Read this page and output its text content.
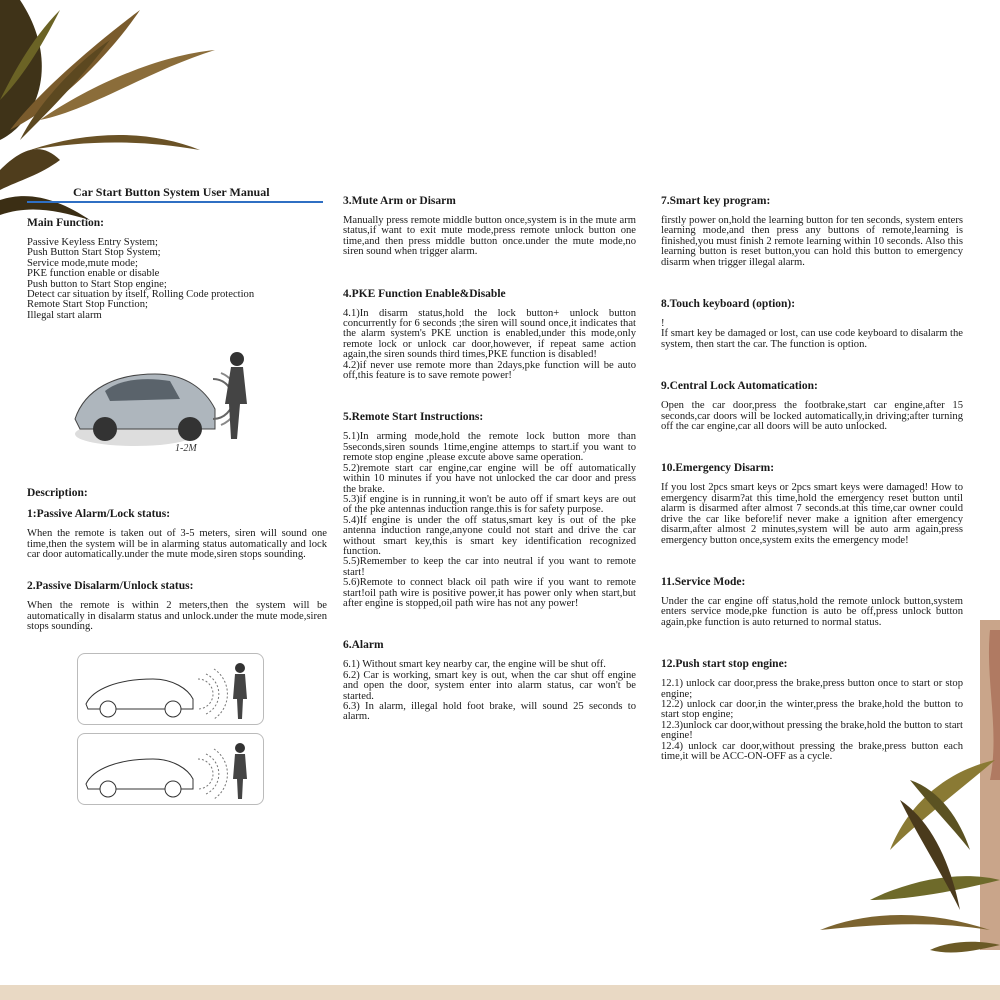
Car Start Button System User Manual
Main Function:
Passive Keyless Entry System;
Push Button Start Stop System;
Service mode,mute mode;
PKE function enable or disable
Push button to Start Stop engine;
Detect car situation by itself, Rolling Code protection
Remote Start Stop Function;
Illegal start alarm
1-2M
Description:
1:Passive Alarm/Lock status:

When the remote is taken out of 3-5 meters, siren will sound one time,then the system will be in alarming status automatically and lock car door automatically.under the mute mode,siren stops sounding.

2.Passive Disalarm/Unlock status:

When the remote is within 2 meters,then the system will be automatically in disalarm status and unlock.under the mute mode,siren stops sounding.

3.Mute Arm or Disarm

Manually press remote middle button once,system is in the mute arm status,if want to exit mute mode,press remote unlock button one time,and then press middle button once.under the mute mode,no siren sound when trigger alarm.

4.PKE Function Enable&Disable

4.1)In disarm status,hold the lock button+ unlock button concurrently for 6 seconds ;the siren will sound once,it indicates that the alarm system's PKE unction is enabled,under this mode,only remote lock or unlock car door,however, if repeat same action again,the siren sounds third times,PKE function is disabled!
4.2)if never use remote more than 2days,pke function will be auto off,this feature is to save remote power!

5.Remote Start Instructions:

5.1)In arming mode,hold the remote lock button more than 5seconds,siren sounds 1time,engine attemps to start.if you want to remote stop engine ,please excute above same operation.
5.2)remote start car engine,car engine will be off automatically within 10 minutes if you have not unlocked the car door and press the brake.
5.3)if engine is in running,it won't be auto off if smart keys are out of the pke antennas induction range.this is for safety purpose.
5.4)If engine is under the off status,smart key is out of the pke antenna induction range,anyone could not start and drive the car without smart key,this is smart key identification recognized function.
5.5)Remember to keep the car into neutral if you want to remote start!
5.6)Remote to connect black oil path wire if you want to remote start!oil path wire is positive power,it has power only when start,but after engine is stopped,oil path wire has not any power!

6.Alarm

6.1) Without smart key nearby car, the engine will be shut off.
6.2) Car is working, smart key is out, when the car shut off engine and open the door, system enter into alarm status, car won't be started.
6.3) In alarm, illegal hold foot brake, will sound 25 seconds to alarm.

7.Smart key program:

firstly power on,hold the learning button for ten seconds, system enters learning mode,and then press any buttons of remote,learning is finished,you must finish 2 remote learning within 10 seconds. Also this learning button is reset button,you can hold this button to emergency disarm when trigger illegal alarm.

8.Touch keyboard (option):

!
If smart key be damaged or lost, can use code keyboard to disalarm the system, then start the car. The function is option.

9.Central Lock Automatication:

Open the car door,press the footbrake,start car engine,after 15 seconds,car doors will be locked automatically,in driving;after turning off the car engine,car all doors will be auto unlocked.

10.Emergency Disarm:

If you lost 2pcs smart keys or 2pcs smart keys were damaged! How to emergency disarm?at this time,hold the emergency reset button until alarm is disarmed after almost 7 seconds.at this time,car owner could drive the car like before!if never make a ignition after emergency disarm,after almost 2 minutes,system will be auto arm again,press emergency button once,system exits the emergency mode!

11.Service Mode:

Under the car engine off status,hold the remote unlock button,system enters service mode,pke function is auto be off,press unlock button again,pke function is auto returned to normal status.

12.Push start stop engine:

12.1) unlock car door,press the brake,press button once to start or stop engine;
12.2) unlock car door,in the winter,press the brake,hold the button to start stop engine;
12.3)unlock car door,without pressing the brake,hold the button to start engine!
12.4) unlock car door,without pressing the brake,press button each time,it will be ACC-ON-OFF as a cycle.
